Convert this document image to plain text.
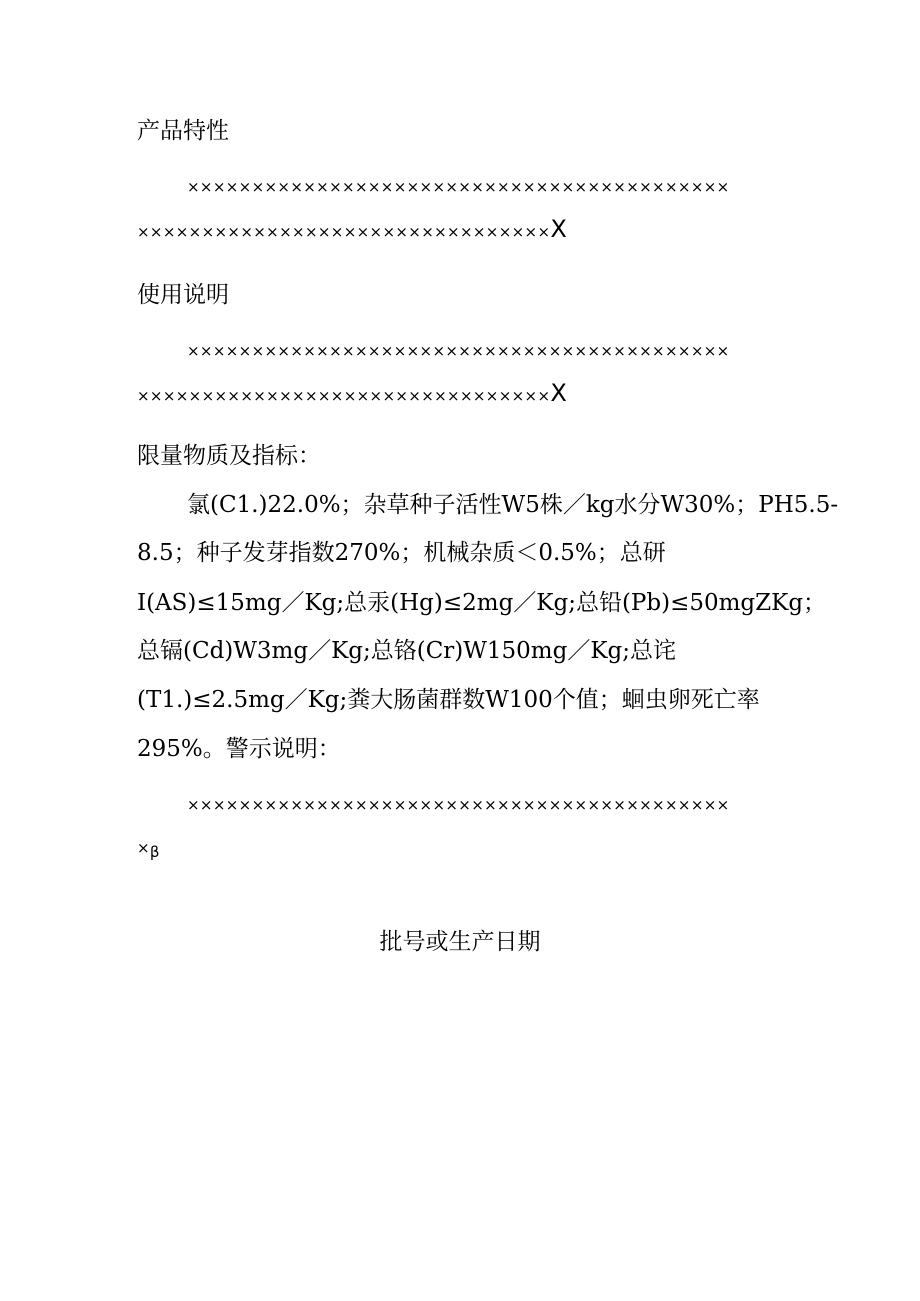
产品特性
××××××××××××××××××××××××××××××××××××××××××
××××××××××××××××××××××××××××××××X
使用说明
××××××××××××××××××××××××××××××××××××××××××
××××××××××××××××××××××××××××××××X
限量物质及指标：
氯(C1.)22.0%；杂草种子活性W5株／kg水分W30%；PH5.5-
8.5；种子发芽指数270%；机械杂质＜0.5%；总研
I(AS)≤15mg／Kg;总汞(Hg)≤2mg／Kg;总铅(Pb)≤50mgZKg；
总镉(Cd)W3mg／Kg;总铬(Cr)W150mg／Kg;总诧
(T1.)≤2.5mg／Kg;粪大肠菌群数W100个值；蛔虫卵死亡率
295%。警示说明：
××××××××××××××××××××××××××××××××××××××××××
×β
批号或生产日期
